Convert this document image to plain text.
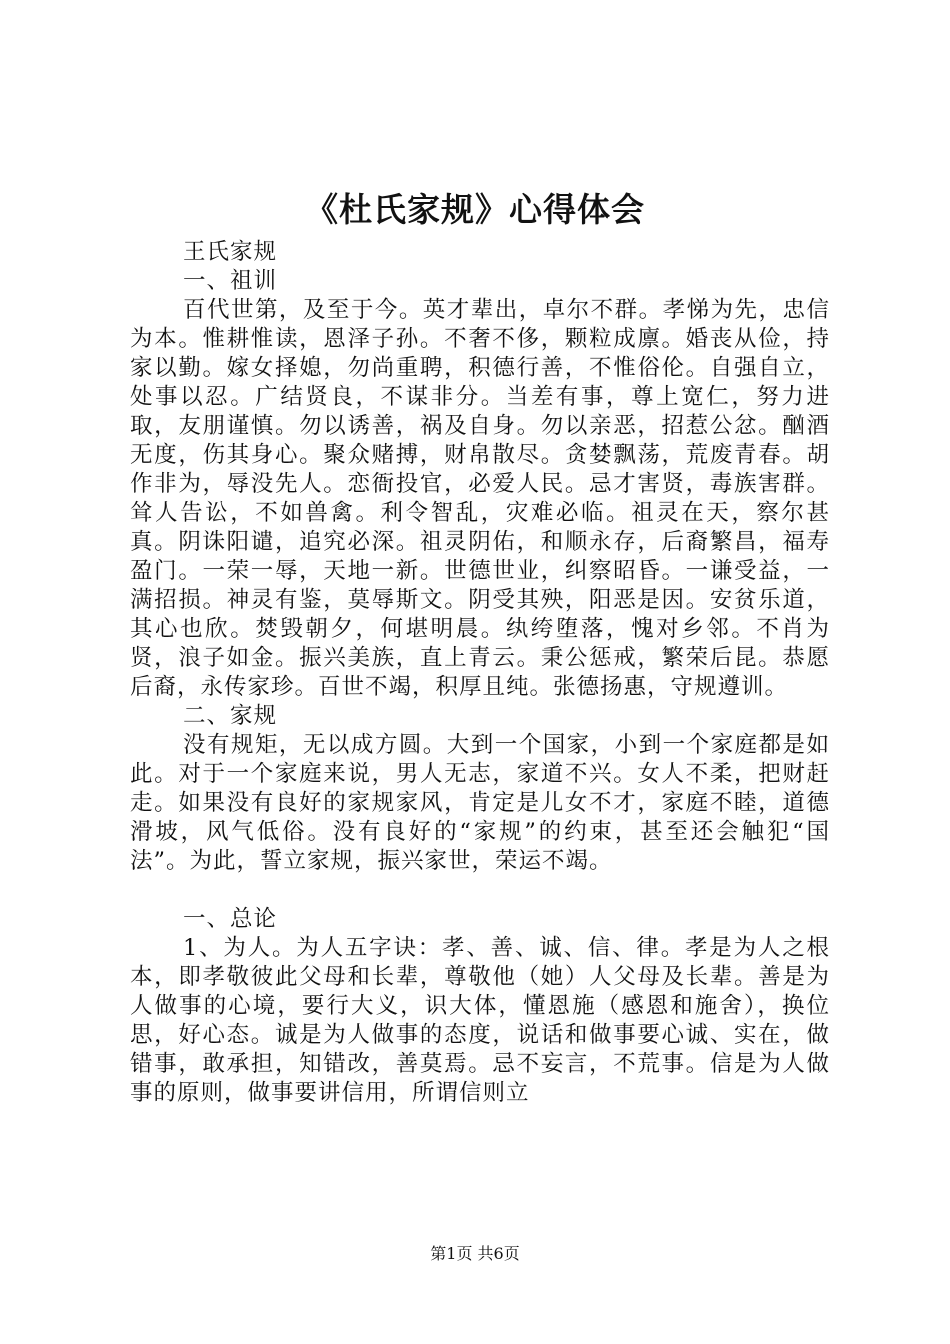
《杜氏家规》心得体会
王氏家规
一、祖训

百代世第，及至于今。英才辈出，卓尔不群。孝悌为先，忠信为本。惟耕惟读，恩泽子孙。不奢不侈，颗粒成廪。婚丧从俭，持家以勤。嫁女择媳，勿尚重聘，积德行善，不惟俗伦。自强自立，处事以忍。广结贤良，不谋非分。当差有事，尊上宽仁，努力进取，友朋谨慎。勿以诱善，祸及自身。勿以亲恶，招惹公忿。酗酒无度，伤其身心。聚众赌搏，财帛散尽。贪婪飘荡，荒废青春。胡作非为，辱没先人。恋衙投官，必爱人民。忌才害贤，毒族害群。耸人告讼，不如兽禽。利令智乱，灾难必临。祖灵在天，察尔甚真。阴诛阳谴，追究必深。祖灵阴佑，和顺永存，后裔繁昌，福寿盈门。一荣一辱，天地一新。世德世业，纠察昭昏。一谦受益，一满招损。神灵有鉴，莫辱斯文。阴受其殃，阳恶是因。安贫乐道，其心也欣。焚毁朝夕，何堪明晨。纨绔堕落，愧对乡邻。不肖为贤，浪子如金。振兴美族，直上青云。秉公惩戒，繁荣后昆。恭愿后裔，永传家珍。百世不竭，积厚且纯。张德扬惠，守规遵训。

二、家规

没有规矩，无以成方圆。大到一个国家，小到一个家庭都是如此。对于一个家庭来说，男人无志，家道不兴。女人不柔，把财赶走。如果没有良好的家规家风，肯定是儿女不才，家庭不睦，道德滑坡，风气低俗。没有良好的“家规”的约束，甚至还会触犯“国法”。为此，誓立家规，振兴家世，荣运不竭。

一、总论

1、为人。为人五字诀：孝、善、诚、信、律。孝是为人之根本，即孝敬彼此父母和长辈，尊敬他（她）人父母及长辈。善是为人做事的心境，要行大义，识大体，懂恩施（感恩和施舍），换位思，好心态。诚是为人做事的态度，说话和做事要心诚、实在，做错事，敢承担，知错改，善莫焉。忌不妄言，不荒事。信是为人做事的原则，做事要讲信用，所谓信则立

第1页 共6页
